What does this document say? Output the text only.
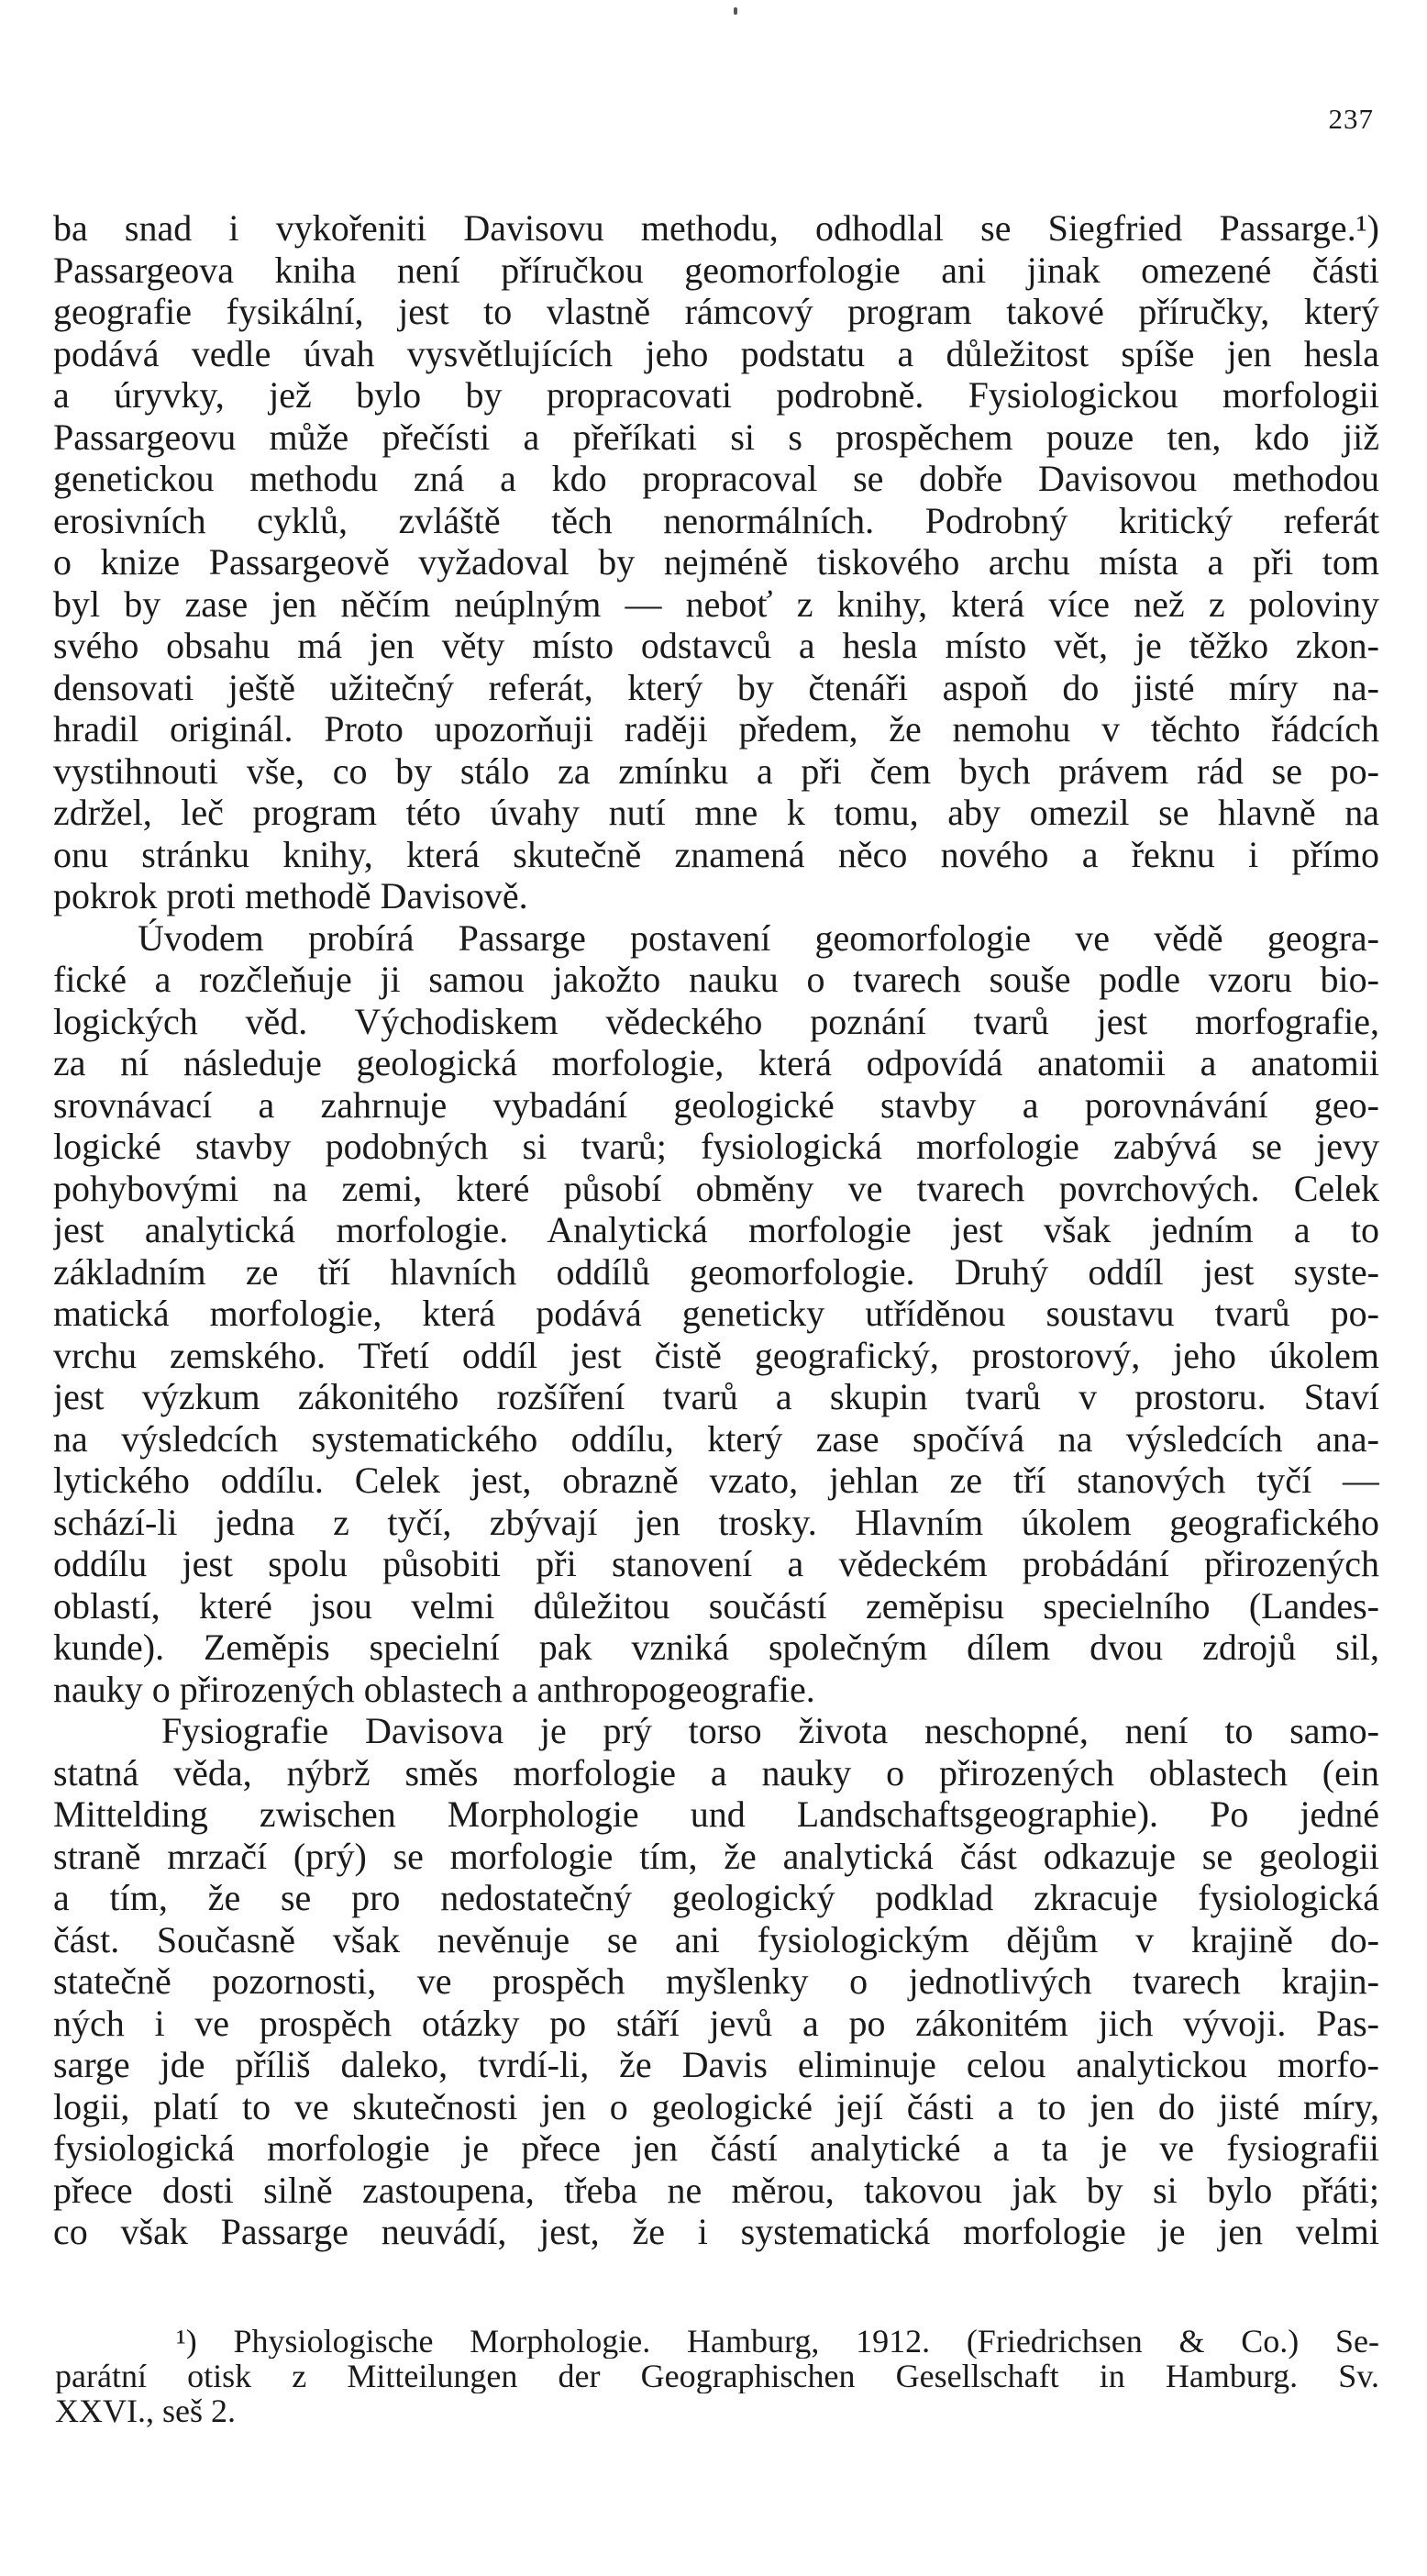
237
ba snad i vykořeniti Davisovu methodu, odhodlal se Siegfried Passarge.¹)
Passargeova kniha není příručkou geomorfologie ani jinak omezené části
geografie fysikální, jest to vlastně rámcový program takové příručky, který
podává vedle úvah vysvětlujících jeho podstatu a důležitost spíše jen hesla
a úryvky, jež bylo by propracovati podrobně. Fysiologickou morfologii
Passargeovu může přečísti a přeříkati si s prospěchem pouze ten, kdo již
genetickou methodu zná a kdo propracoval se dobře Davisovou methodou
erosivních cyklů, zvláště těch nenormálních. Podrobný kritický referát
o knize Passargeově vyžadoval by nejméně tiskového archu místa a při tom
byl by zase jen něčím neúplným — neboť z knihy, která více než z poloviny
svého obsahu má jen věty místo odstavců a hesla místo vět, je těžko zkon-
densovati ještě užitečný referát, který by čtenáři aspoň do jisté míry na-
hradil originál. Proto upozorňuji raději předem, že nemohu v těchto řádcích
vystihnouti vše, co by stálo za zmínku a při čem bych právem rád se po-
zdržel, leč program této úvahy nutí mne k tomu, aby omezil se hlavně na
onu stránku knihy, která skutečně znamená něco nového a řeknu i přímo
pokrok proti methodě Davisově.
Úvodem probírá Passarge postavení geomorfologie ve vědě geogra-
fické a rozčleňuje ji samou jakožto nauku o tvarech souše podle vzoru bio-
logických věd. Východiskem vědeckého poznání tvarů jest morfografie,
za ní následuje geologická morfologie, která odpovídá anatomii a anatomii
srovnávací a zahrnuje vybadání geologické stavby a porovnávání geo-
logické stavby podobných si tvarů; fysiologická morfologie zabývá se jevy
pohybovými na zemi, které působí obměny ve tvarech povrchových. Celek
jest analytická morfologie. Analytická morfologie jest však jedním a to
základním ze tří hlavních oddílů geomorfologie. Druhý oddíl jest syste-
matická morfologie, která podává geneticky utříděnou soustavu tvarů po-
vrchu zemského. Třetí oddíl jest čistě geografický, prostorový, jeho úkolem
jest výzkum zákonitého rozšíření tvarů a skupin tvarů v prostoru. Staví
na výsledcích systematického oddílu, který zase spočívá na výsledcích ana-
lytického oddílu. Celek jest, obrazně vzato, jehlan ze tří stanových tyčí —
schází-li jedna z tyčí, zbývají jen trosky. Hlavním úkolem geografického
oddílu jest spolu působiti při stanovení a vědeckém probádání přirozených
oblastí, které jsou velmi důležitou součástí zeměpisu specielního (Landes-
kunde). Zeměpis specielní pak vzniká společným dílem dvou zdrojů sil,
nauky o přirozených oblastech a anthropogeografie.
Fysiografie Davisova je prý torso života neschopné, není to samo-
statná věda, nýbrž směs morfologie a nauky o přirozených oblastech (ein
Mittelding zwischen Morphologie und Landschaftsgeographie). Po jedné
straně mrzačí (prý) se morfologie tím, že analytická část odkazuje se geologii
a tím, že se pro nedostatečný geologický podklad zkracuje fysiologická
část. Současně však nevěnuje se ani fysiologickým dějům v krajině do-
statečně pozornosti, ve prospěch myšlenky o jednotlivých tvarech krajin-
ných i ve prospěch otázky po stáří jevů a po zákonitém jich vývoji. Pas-
sarge jde příliš daleko, tvrdí-li, že Davis eliminuje celou analytickou morfo-
logii, platí to ve skutečnosti jen o geologické její části a to jen do jisté míry,
fysiologická morfologie je přece jen částí analytické a ta je ve fysiografii
přece dosti silně zastoupena, třeba ne měrou, takovou jak by si bylo přáti;
co však Passarge neuvádí, jest, že i systematická morfologie je jen velmi
¹) Physiologische Morphologie. Hamburg, 1912. (Friedrichsen & Co.) Se-
parátní otisk z Mitteilungen der Geographischen Gesellschaft in Hamburg. Sv.
XXVI., seš 2.
